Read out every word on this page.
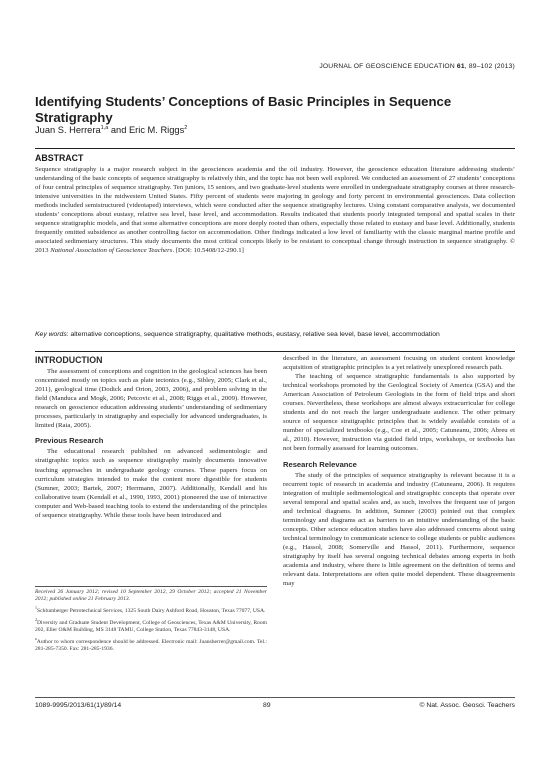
JOURNAL OF GEOSCIENCE EDUCATION 61, 89–102 (2013)
Identifying Students’ Conceptions of Basic Principles in Sequence Stratigraphy
Juan S. Herrera$^{1,a}$ and Eric M. Riggs$^2$
ABSTRACT
Sequence stratigraphy is a major research subject in the geosciences academia and the oil industry. However, the geoscience education literature addressing students’ understanding of the basic concepts of sequence stratigraphy is relatively thin, and the topic has not been well explored. We conducted an assessment of 27 students’ conceptions of four central principles of sequence stratigraphy. Ten juniors, 15 seniors, and two graduate-level students were enrolled in undergraduate stratigraphy courses at three research-intensive universities in the midwestern United States. Fifty percent of students were majoring in geology and forty percent in environmental geosciences. Data collection methods included semistructured (videotaped) interviews, which were conducted after the sequence stratigraphy lectures. Using constant comparative analysis, we documented students’ conceptions about eustasy, relative sea level, base level, and accommodation. Results indicated that students poorly integrated temporal and spatial scales in their sequence stratigraphic models, and that some alternative conceptions are more deeply rooted than others, especially those related to eustasy and base level. Additionally, students frequently omitted subsidence as another controlling factor on accommodation. Other findings indicated a low level of familiarity with the classic marginal marine profile and associated sedimentary structures. This study documents the most critical concepts likely to be resistant to conceptual change through instruction in sequence stratigraphy. © 2013 National Association of Geoscience Teachers. [DOI: 10.5408/12-290.1]
Key words: alternative conceptions, sequence stratigraphy, qualitative methods, eustasy, relative sea level, base level, accommodation
INTRODUCTION

The assessment of conceptions and cognition in the geological sciences has been concentrated mostly on topics such as plate tectonics (e.g., Sibley, 2005; Clark et al., 2011), geological time (Dodick and Orion, 2003, 2006), and problem solving in the field (Manduca and Mogk, 2006; Petcovic et al., 2008; Riggs et al., 2009). However, research on geoscience education addressing students’ understanding of sedimentary processes, particularly in stratigraphy and especially for advanced undergraduates, is limited (Raia, 2005).

Previous Research

The educational research published on advanced sedimentologic and stratigraphic topics such as sequence stratigraphy mainly documents innovative teaching approaches in undergraduate geology courses. These papers focus on curriculum strategies intended to make the content more digestible for students (Sumner, 2003; Bartek, 2007; Herrmann, 2007). Additionally, Kendall and his collaborative team (Kendall et al., 1990, 1993, 2001) pioneered the use of interactive computer and Web-based teaching tools to extend the understanding of the principles of sequence stratigraphy. While these tools have been introduced and

Received 26 January 2012; revised 10 September 2012, 29 October 2012; accepted 21 November 2012; published online 21 February 2013.

$^1$Schlumberger Petrotechnical Services, 1325 South Dairy Ashford Road, Houston, Texas 77077, USA.

$^2$Diversity and Graduate Student Development, College of Geosciences, Texas A&M University, Room 202, Eller O&M Building, MS 3148 TAMU, College Station, Texas 77843-3148, USA.

$^a$Author to whom correspondence should be addressed. Electronic mail: Juansherrer@gmail.com. Tel.: 281-285-7350. Fax: 281-285-1936.

described in the literature, an assessment focusing on student content knowledge acquisition of stratigraphic principles is a yet relatively unexplored research path.

The teaching of sequence stratigraphic fundamentals is also supported by technical workshops promoted by the Geological Society of America (GSA) and the American Association of Petroleum Geologists in the form of field trips and short courses. Nevertheless, these workshops are almost always extracurricular for college students and do not reach the larger undergraduate audience. The other primary source of sequence stratigraphic principles that is widely available consists of a number of specialized textbooks (e.g., Coe et al., 2005; Catuneanu, 2006; Abreu et al., 2010). However, instruction via guided field trips, workshops, or textbooks has not been formally assessed for learning outcomes.

Research Relevance

The study of the principles of sequence stratigraphy is relevant because it is a recurrent topic of research in academia and industry (Catuneanu, 2006). It requires integration of multiple sedimentological and stratigraphic concepts that operate over several temporal and spatial scales and, as such, involves the frequent use of jargon and technical diagrams. In addition, Sumner (2003) pointed out that complex terminology and diagrams act as barriers to an intuitive understanding of the basic concepts. Other science education studies have also addressed concerns about using technical terminology to communicate science to college students or public audiences (e.g., Hassol, 2008; Somerville and Hassol, 2011). Furthermore, sequence stratigraphy by itself has several ongoing technical debates among experts in both academia and industry, where there is little agreement on the definition of terms and relevant data. Interpretations are often quite model dependent. These disagreements may

1089-9995/2013/61(1)/89/14	89	© Nat. Assoc. Geosci. Teachers
